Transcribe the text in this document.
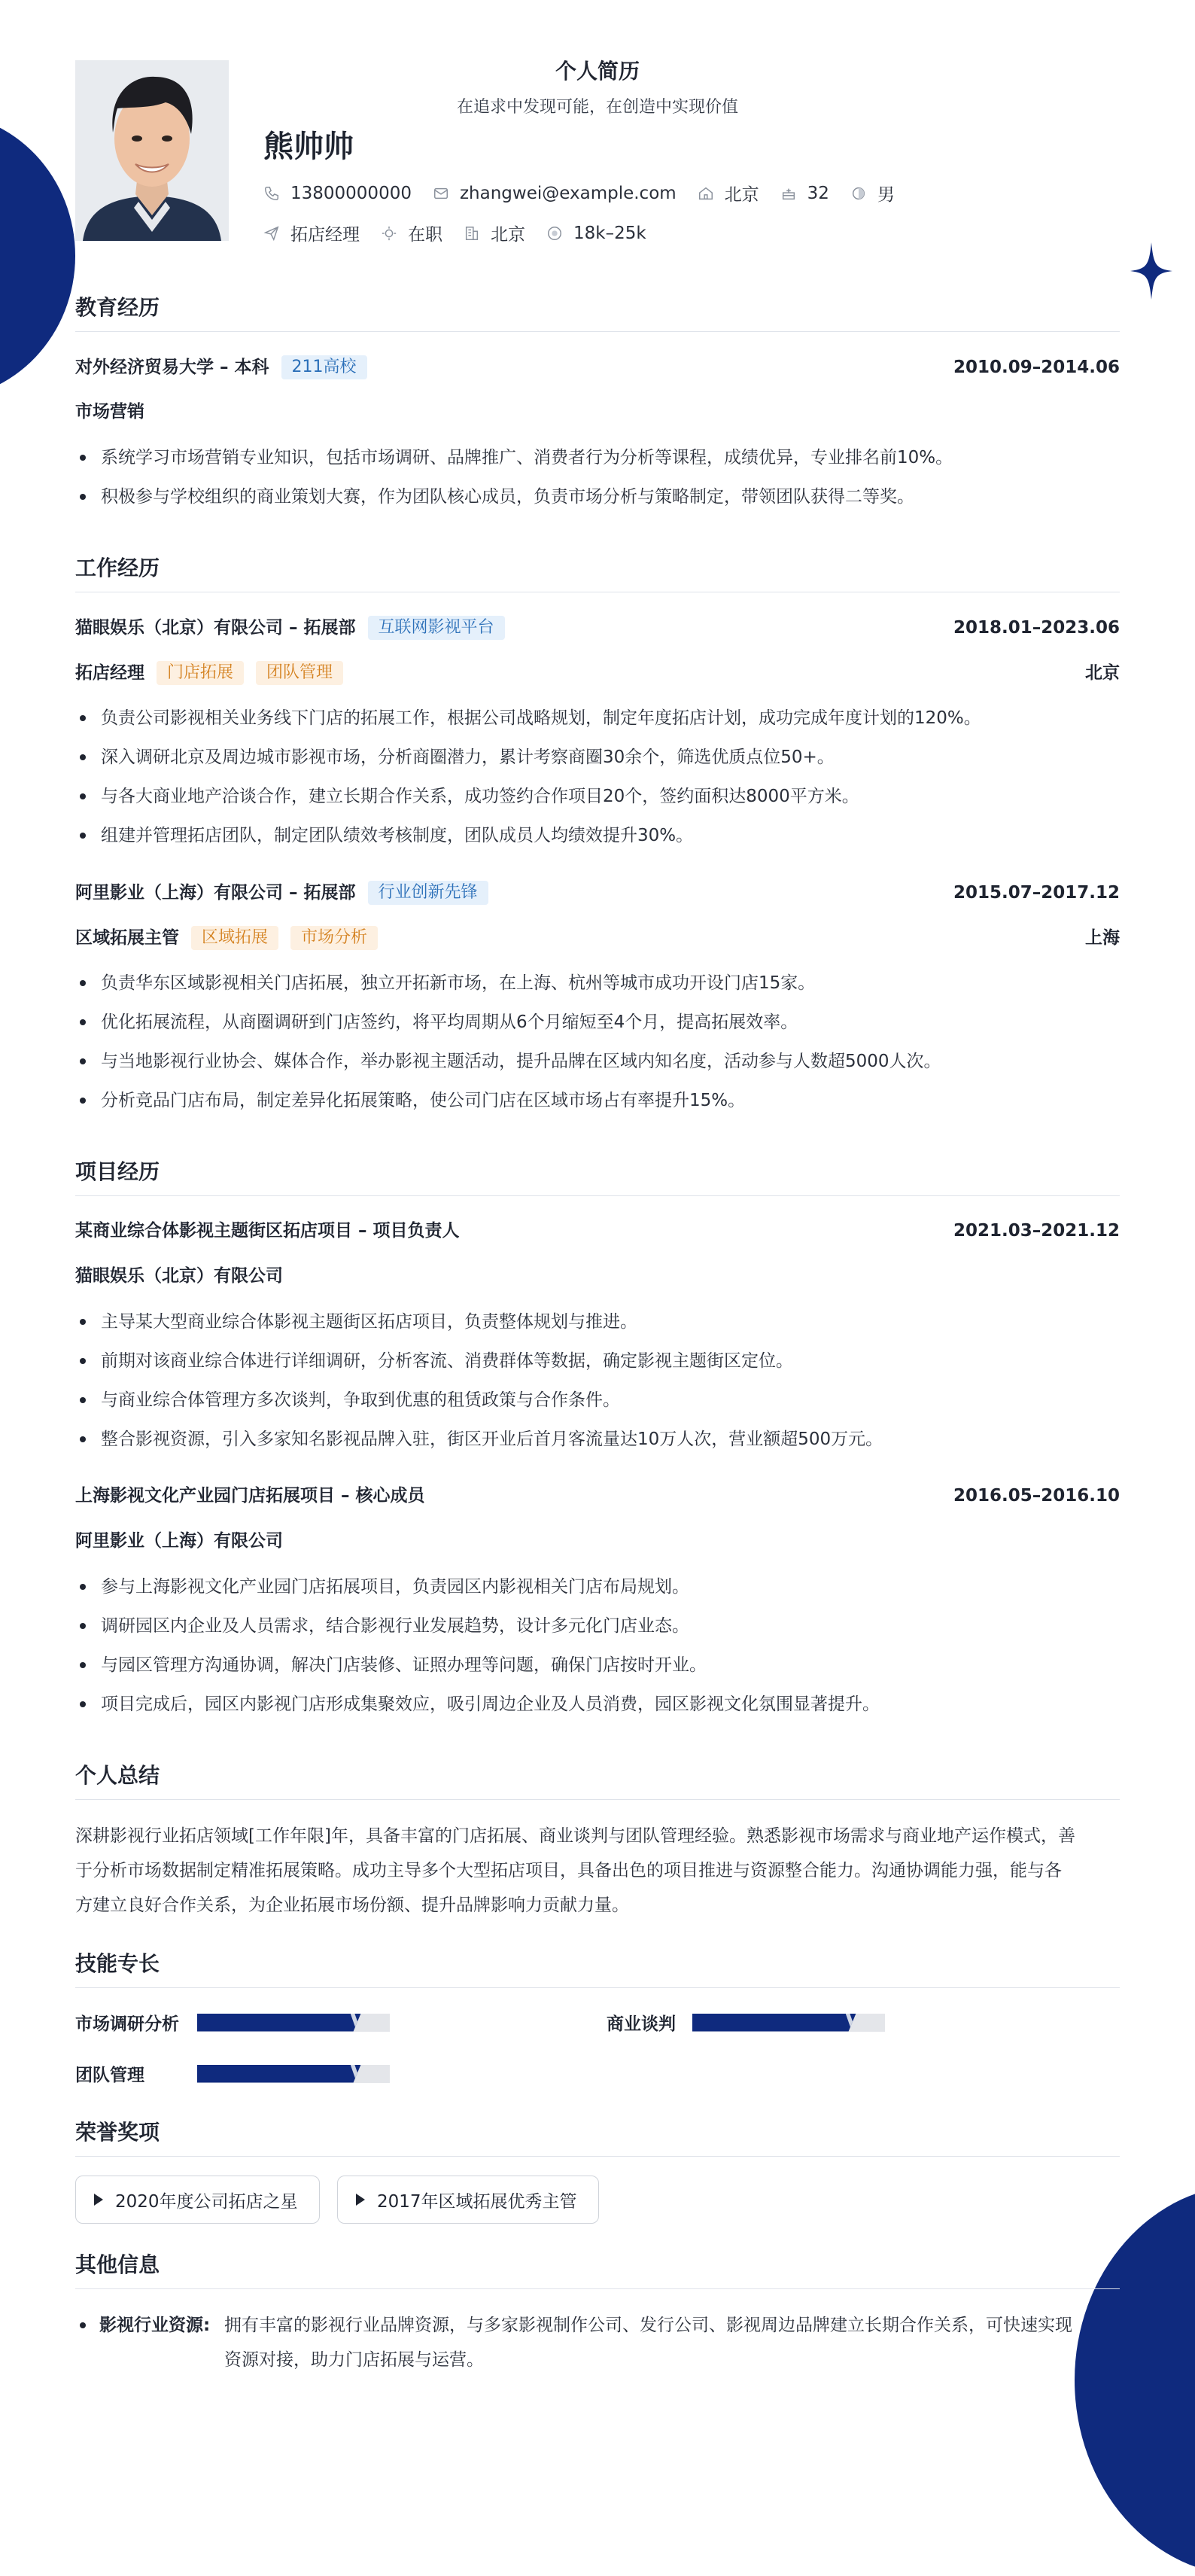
个人简历
在追求中发现可能，在创造中实现价值
熊帅帅
13800000000	zhangwei@example.com	北京	32	男
拓店经理	在职	北京	18k–25k
教育经历
对外经济贸易大学 – 本科	211高校	2010.09–2014.06
市场营销
系统学习市场营销专业知识，包括市场调研、品牌推广、消费者行为分析等课程，成绩优异，专业排名前10%。
积极参与学校组织的商业策划大赛，作为团队核心成员，负责市场分析与策略制定，带领团队获得二等奖。
工作经历
猫眼娱乐（北京）有限公司 – 拓展部	互联网影视平台	2018.01–2023.06
拓店经理	门店拓展	团队管理	北京
负责公司影视相关业务线下门店的拓展工作，根据公司战略规划，制定年度拓店计划，成功完成年度计划的120%。
深入调研北京及周边城市影视市场，分析商圈潜力，累计考察商圈30余个，筛选优质点位50+。
与各大商业地产洽谈合作，建立长期合作关系，成功签约合作项目20个，签约面积达8000平方米。
组建并管理拓店团队，制定团队绩效考核制度，团队成员人均绩效提升30%。
阿里影业（上海）有限公司 – 拓展部	行业创新先锋	2015.07–2017.12
区域拓展主管	区域拓展	市场分析	上海
负责华东区域影视相关门店拓展，独立开拓新市场，在上海、杭州等城市成功开设门店15家。
优化拓展流程，从商圈调研到门店签约，将平均周期从6个月缩短至4个月，提高拓展效率。
与当地影视行业协会、媒体合作，举办影视主题活动，提升品牌在区域内知名度，活动参与人数超5000人次。
分析竞品门店布局，制定差异化拓展策略，使公司门店在区域市场占有率提升15%。
项目经历
某商业综合体影视主题街区拓店项目 – 项目负责人	2021.03–2021.12
猫眼娱乐（北京）有限公司
主导某大型商业综合体影视主题街区拓店项目，负责整体规划与推进。
前期对该商业综合体进行详细调研，分析客流、消费群体等数据，确定影视主题街区定位。
与商业综合体管理方多次谈判，争取到优惠的租赁政策与合作条件。
整合影视资源，引入多家知名影视品牌入驻，街区开业后首月客流量达10万人次，营业额超500万元。
上海影视文化产业园门店拓展项目 – 核心成员	2016.05–2016.10
阿里影业（上海）有限公司
参与上海影视文化产业园门店拓展项目，负责园区内影视相关门店布局规划。
调研园区内企业及人员需求，结合影视行业发展趋势，设计多元化门店业态。
与园区管理方沟通协调，解决门店装修、证照办理等问题，确保门店按时开业。
项目完成后，园区内影视门店形成集聚效应，吸引周边企业及人员消费，园区影视文化氛围显著提升。
个人总结
深耕影视行业拓店领域[工作年限]年，具备丰富的门店拓展、商业谈判与团队管理经验。熟悉影视市场需求与商业地产运作模式，善
于分析市场数据制定精准拓展策略。成功主导多个大型拓店项目，具备出色的项目推进与资源整合能力。沟通协调能力强，能与各
方建立良好合作关系，为企业拓展市场份额、提升品牌影响力贡献力量。
技能专长
市场调研分析	商业谈判
团队管理
荣誉奖项
2020年度公司拓店之星	2017年区域拓展优秀主管
其他信息
影视行业资源: 拥有丰富的影视行业品牌资源，与多家影视制作公司、发行公司、影视周边品牌建立长期合作关系，可快速实现
资源对接，助力门店拓展与运营。
